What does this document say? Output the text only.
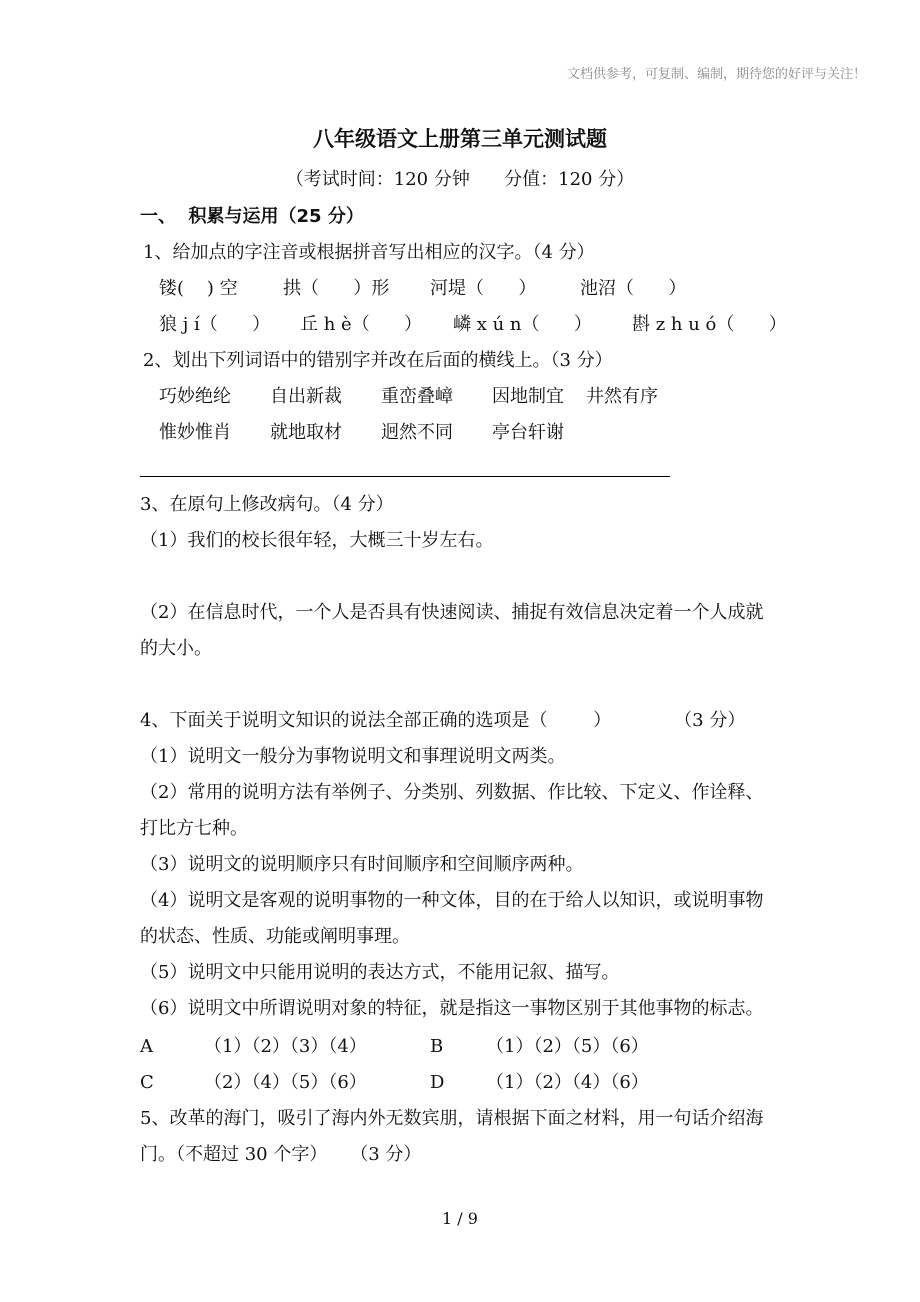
文档供参考，可复制、编制，期待您的好评与关注！
八年级语文上册第三单元测试题
（考试时间：120 分钟      分值：120 分）
一、  积累与运用（25 分）
1、给加点的字注音或根据拼音写出相应的汉字。（4 分）
镂(    ) 空	拱（      ）形 河堤（      ） 池沼（      ）
狼 j í（      ） 丘 h è（      ） 嶙 x ú n（      ） 斟 z h u ó（      ）
2、划出下列词语中的错别字并改在后面的横线上。（3 分）
巧妙绝纶 自出新裁 重峦叠嶂 因地制宜 井然有序
惟妙惟肖 就地取材 迥然不同 亭台轩谢
3、在原句上修改病句。（4 分）
（1）我们的校长很年轻，大概三十岁左右。
（2）在信息时代，一个人是否具有快速阅读、捕捉有效信息决定着一个人成就
的大小。
4、下面关于说明文知识的说法全部正确的选项是（        ）           （3 分）
（1）说明文一般分为事物说明文和事理说明文两类。
（2）常用的说明方法有举例子、分类别、列数据、作比较、下定义、作诠释、
打比方七种。
（3）说明文的说明顺序只有时间顺序和空间顺序两种。
（4）说明文是客观的说明事物的一种文体，目的在于给人以知识，或说明事物
的状态、性质、功能或阐明事理。
（5）说明文中只能用说明的表达方式，不能用记叙、描写。
（6）说明文中所谓说明对象的特征，就是指这一事物区别于其他事物的标志。
A	（1）（2）（3）（4）	B （1）（2）（5）（6）
C	（2）（4）（5）（6）	D （1）（2）（4）（6）
5、改革的海门，吸引了海内外无数宾朋，请根据下面之材料，用一句话介绍海
门。（不超过 30 个字）    （3 分）
1 / 9
